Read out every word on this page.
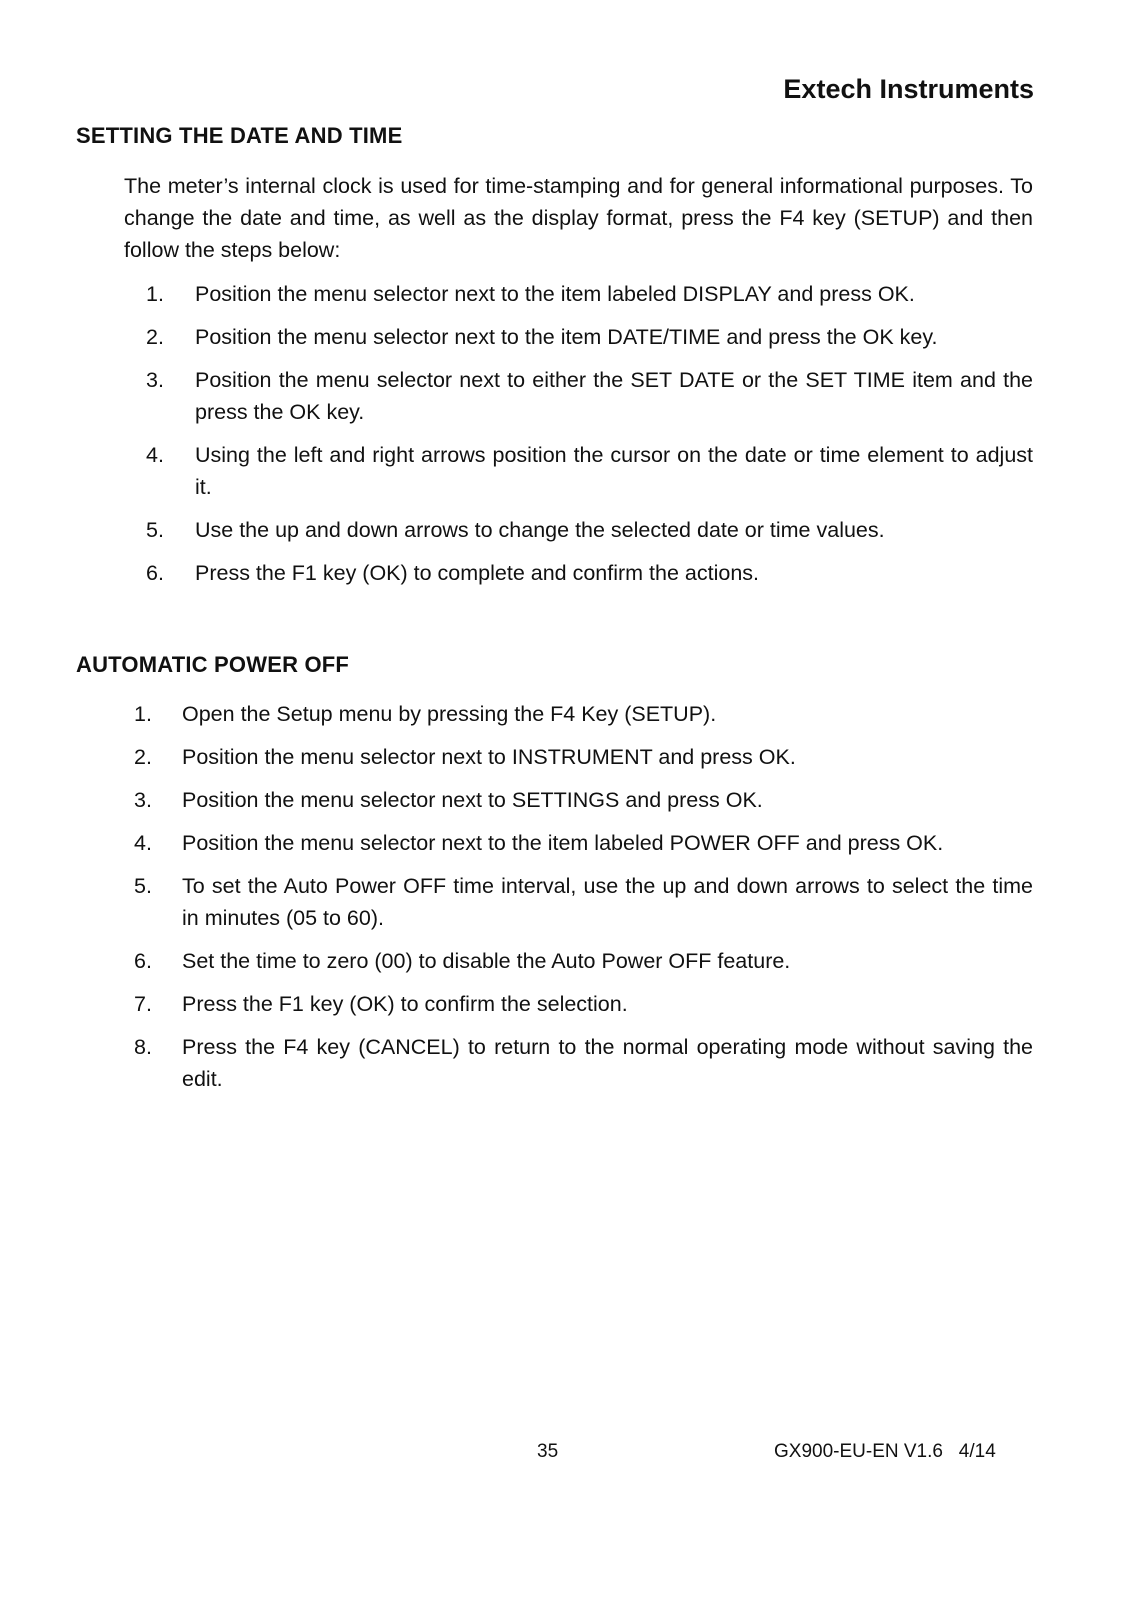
Extech Instruments
SETTING THE DATE AND TIME
The meter’s internal clock is used for time-stamping and for general informational purposes. To change the date and time, as well as the display format, press the F4 key (SETUP) and then follow the steps below:
1. Position the menu selector next to the item labeled DISPLAY and press OK.
2. Position the menu selector next to the item DATE/TIME and press the OK key.
3. Position the menu selector next to either the SET DATE or the SET TIME item and the press the OK key.
4. Using the left and right arrows position the cursor on the date or time element to adjust it.
5. Use the up and down arrows to change the selected date or time values.
6. Press the F1 key (OK) to complete and confirm the actions.
AUTOMATIC POWER OFF
1. Open the Setup menu by pressing the F4 Key (SETUP).
2. Position the menu selector next to INSTRUMENT and press OK.
3. Position the menu selector next to SETTINGS and press OK.
4. Position the menu selector next to the item labeled POWER OFF and press OK.
5. To set the Auto Power OFF time interval, use the up and down arrows to select the time in minutes (05 to 60).
6. Set the time to zero (00) to disable the Auto Power OFF feature.
7. Press the F1 key (OK) to confirm the selection.
8. Press the F4 key (CANCEL) to return to the normal operating mode without saving the edit.
35	GX900-EU-EN V1.6   4/14
